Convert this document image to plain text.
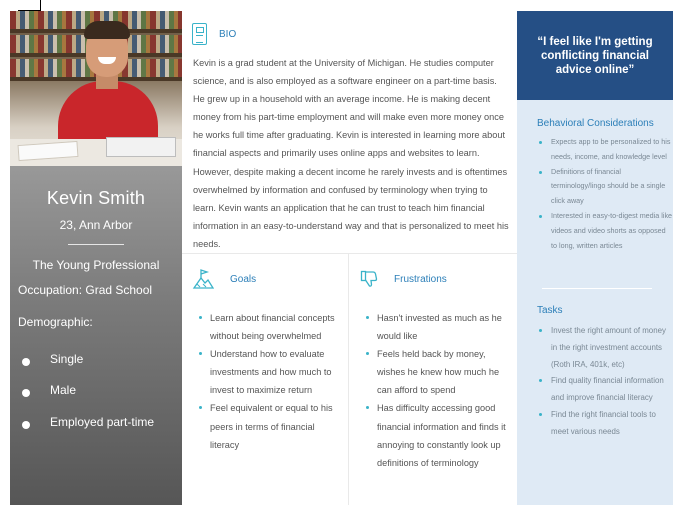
Kevin Smith
23, Ann Arbor
The Young Professional
Occupation: Grad School
Demographic:
Single
Male
Employed part-time
BIO

Kevin is a grad student at the University of Michigan. He studies computer science, and is also employed as a software engineer on a part-time basis. He grew up in a household with an average income. He is making decent money from his part-time employment and will make even more money once he works full time after graduating. Kevin is interested in learning more about financial aspects and primarily uses online apps and websites to learn. However, despite making a decent income he rarely invests and is oftentimes overwhelmed by information and confused by terminology when trying to learn. Kevin wants an application that he can trust to teach him financial information in an easy-to-understand way and that is personalized to meet his needs.

Goals
Learn about financial concepts without being overwhelmed
Understand how to evaluate investments and how much to invest to maximize return
Feel equivalent or equal to his peers in terms of financial literacy
Frustrations
Hasn't invested as much as he would like
Feels held back by money, wishes he knew how much he can afford to spend
Has difficulty accessing good financial information and finds it annoying to constantly look up definitions of terminology
“I feel like I'm getting conflicting financial advice online”
Behavioral Considerations
Expects app to be personalized to his needs, income, and knowledge level
Definitions of financial terminology/lingo should be a single click away
Interested in easy-to-digest media like videos and video shorts as opposed to long, written articles
Tasks
Invest the right amount of money in the right investment accounts (Roth IRA, 401k, etc)
Find quality financial information and improve financial literacy
Find the right financial tools to meet various needs
